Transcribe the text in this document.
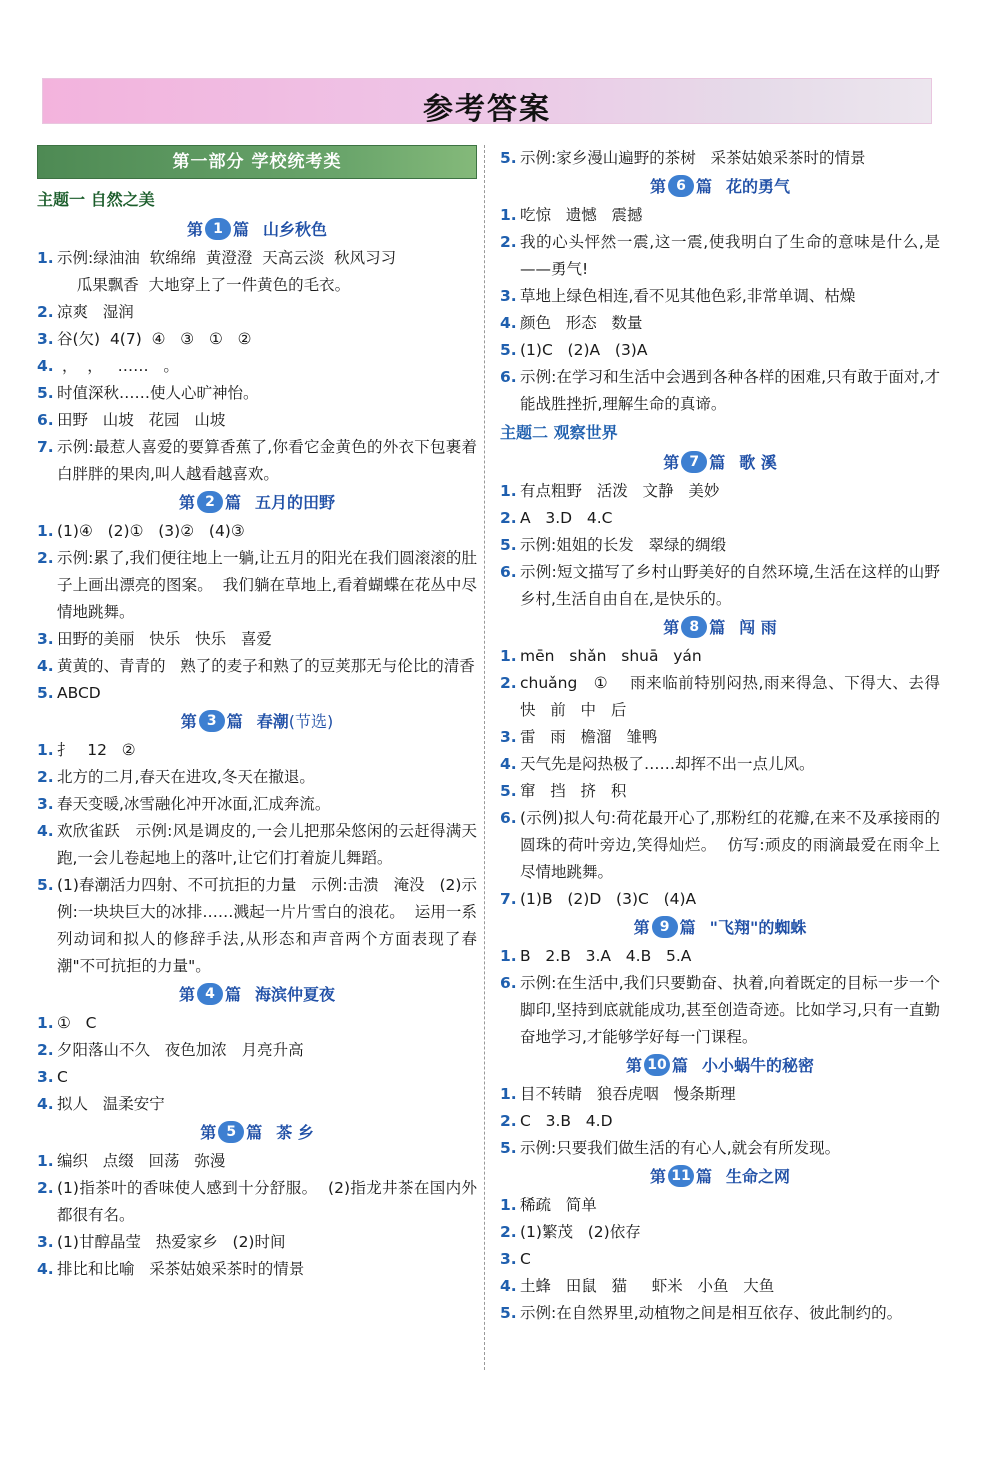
参考答案
第一部分 学校统考类
主题一 自然之美
第 1 篇 山乡秋色
1. 示例:绿油油  软绵绵  黄澄澄  天高云淡  秋风习习
瓜果飘香  大地穿上了一件黄色的毛衣。
2. 凉爽   湿润
3. 谷(欠)  4(7)  ④   ③   ①   ②
4. ，  ，   ……   。
5. 时值深秋……使人心旷神怡。
6. 田野   山坡   花园   山坡
7. 示例:最惹人喜爱的要算香蕉了,你看它金黄色的外衣下包裹着白胖胖的果肉,叫人越看越喜欢。
第 2 篇 五月的田野
1. (1)④   (2)①   (3)②   (4)③
2. 示例:累了,我们便往地上一躺,让五月的阳光在我们圆滚滚的肚子上画出漂亮的图案。  我们躺在草地上,看着蝴蝶在花丛中尽情地跳舞。
3. 田野的美丽   快乐   快乐   喜爱
4. 黄黄的、青青的   熟了的麦子和熟了的豆荚那无与伦比的清香
5. ABCD
第 3 篇 春潮(节选)
1. 扌   12   ②
2. 北方的二月,春天在进攻,冬天在撤退。
3. 春天变暖,冰雪融化冲开冰面,汇成奔流。
4. 欢欣雀跃   示例:风是调皮的,一会儿把那朵悠闲的云赶得满天跑,一会儿卷起地上的落叶,让它们打着旋儿舞蹈。
5. (1)春潮活力四射、不可抗拒的力量   示例:击溃   淹没   (2)示例:一块块巨大的冰排……溅起一片片雪白的浪花。  运用一系列动词和拟人的修辞手法,从形态和声音两个方面表现了春潮"不可抗拒的力量"。
第 4 篇 海滨仲夏夜
1. ①   C
2. 夕阳落山不久   夜色加浓   月亮升高
3. C
4. 拟人   温柔安宁
第 5 篇 茶 乡
1. 编织   点缀   回荡   弥漫
2. (1)指茶叶的香味使人感到十分舒服。  (2)指龙井茶在国内外都很有名。
3. (1)甘醇晶莹   热爱家乡   (2)时间
4. 排比和比喻   采茶姑娘采茶时的情景
5. 示例:家乡漫山遍野的茶树   采茶姑娘采茶时的情景
第 6 篇 花的勇气
1. 吃惊   遗憾   震撼
2. 我的心头怦然一震,这一震,使我明白了生命的意味是什么,是——勇气!
3. 草地上绿色相连,看不见其他色彩,非常单调、枯燥
4. 颜色   形态   数量
5. (1)C   (2)A   (3)A
6. 示例:在学习和生活中会遇到各种各样的困难,只有敢于面对,才能战胜挫折,理解生命的真谛。
主题二 观察世界
第 7 篇 歌 溪
1. 有点粗野   活泼   文静   美妙
2. A   3.D   4.C
5. 示例:姐姐的长发   翠绿的绸缎
6. 示例:短文描写了乡村山野美好的自然环境,生活在这样的山野乡村,生活自由自在,是快乐的。
第 8 篇 闯 雨
1. mēn   shǎn   shuā   yán
2. chuǎng   ①    雨来临前特别闷热,雨来得急、下得大、去得快   前   中   后
3. 雷   雨   檐溜   雏鸭
4. 天气先是闷热极了……却挥不出一点儿风。
5. 窜   挡   挤   积
6. (示例)拟人句:荷花最开心了,那粉红的花瓣,在来不及承接雨的圆珠的荷叶旁边,笑得灿烂。  仿写:顽皮的雨滴最爱在雨伞上尽情地跳舞。
7. (1)B   (2)D   (3)C   (4)A
第 9 篇 "飞翔"的蜘蛛
1. B   2.B   3.A   4.B   5.A
6. 示例:在生活中,我们只要勤奋、执着,向着既定的目标一步一个脚印,坚持到底就能成功,甚至创造奇迹。比如学习,只有一直勤奋地学习,才能够学好每一门课程。
第 10 篇 小小蜗牛的秘密
1. 目不转睛   狼吞虎咽   慢条斯理
2. C   3.B   4.D
5. 示例:只要我们做生活的有心人,就会有所发现。
第 11 篇 生命之网
1. 稀疏   简单
2. (1)繁茂   (2)依存
3. C
4. 土蜂   田鼠   猫     虾米   小鱼   大鱼
5. 示例:在自然界里,动植物之间是相互依存、彼此制约的。
